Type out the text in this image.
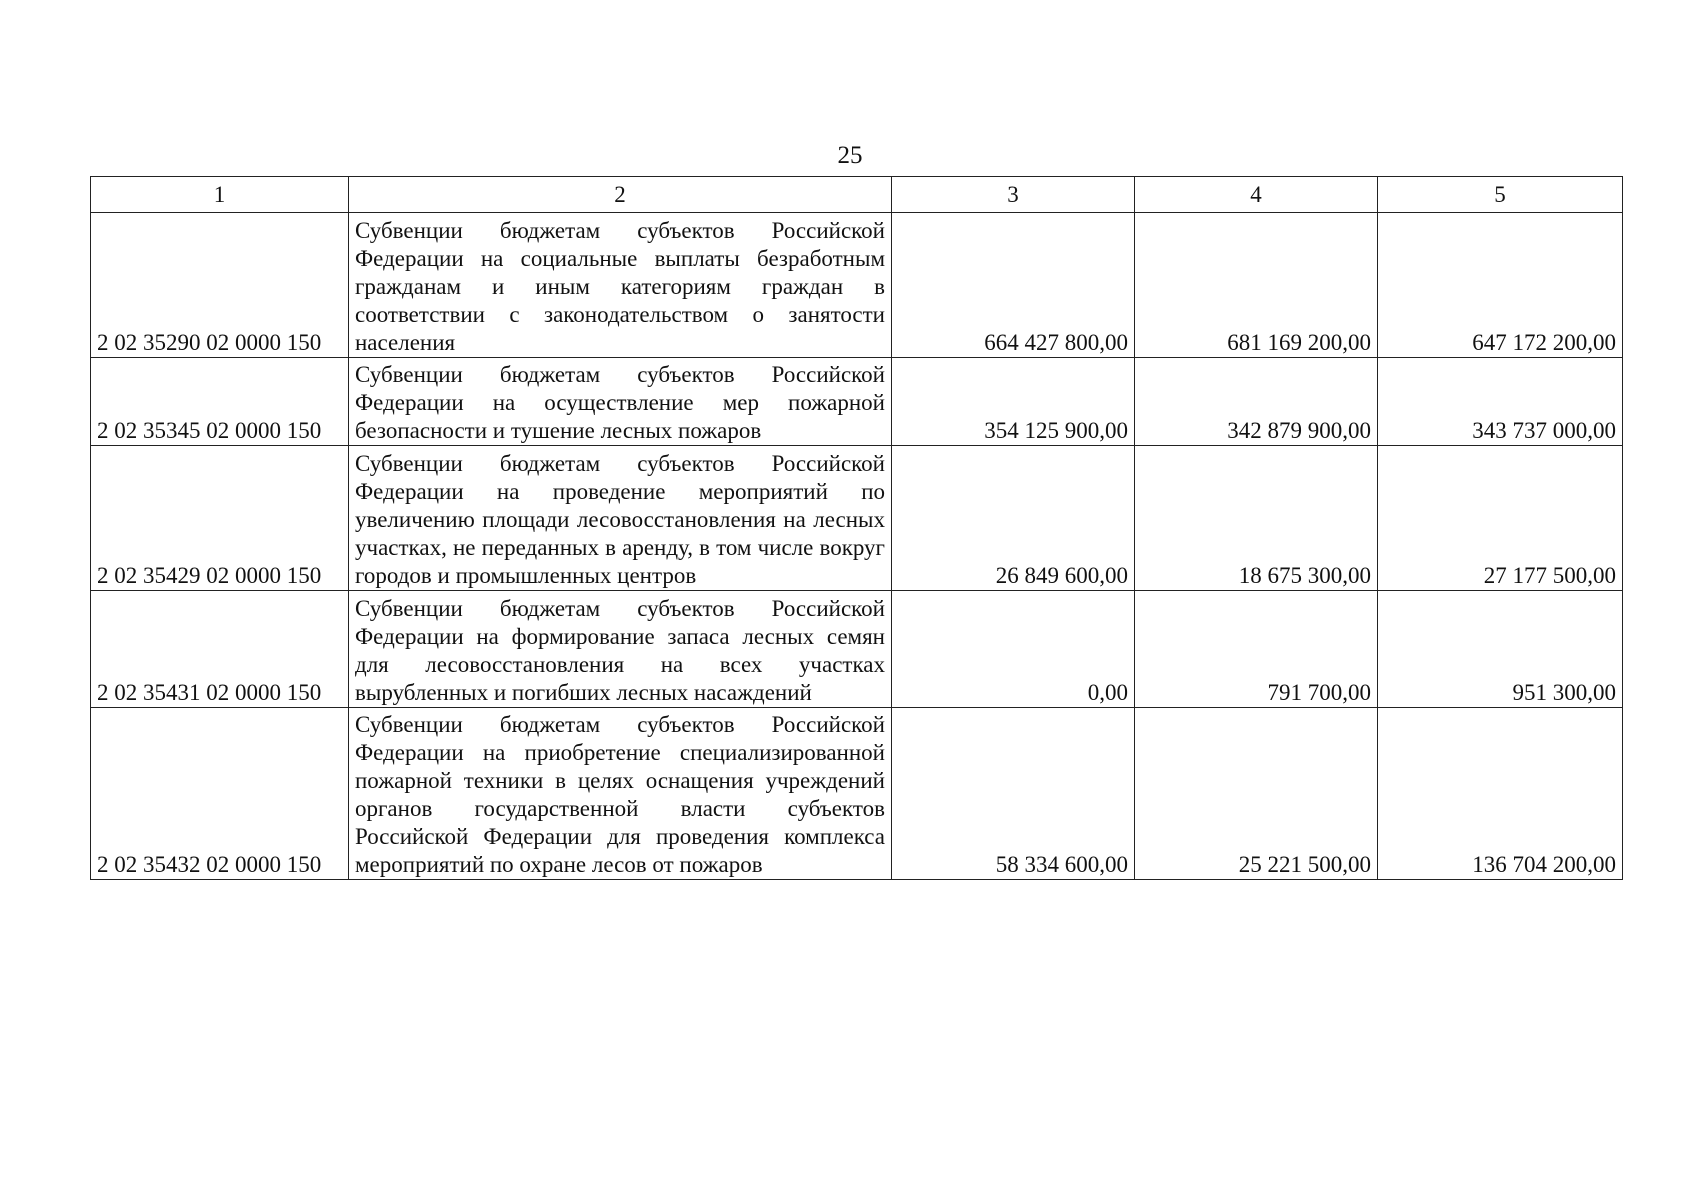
25
1	2	3	4	5
2 02 35290 02 0000 150	Субвенции бюджетам субъектов Российской Федерации на социальные выплаты безработным гражданам и иным категориям граждан в соответствии с законодательством о занятости населения	664 427 800,00	681 169 200,00	647 172 200,00
2 02 35345 02 0000 150	Субвенции бюджетам субъектов Российской Федерации на осуществление мер пожарной безопасности и тушение лесных пожаров	354 125 900,00	342 879 900,00	343 737 000,00
2 02 35429 02 0000 150	Субвенции бюджетам субъектов Российской Федерации на проведение мероприятий по увеличению площади лесовосстановления на лесных участках, не переданных в аренду, в том числе вокруг городов и промышленных центров	26 849 600,00	18 675 300,00	27 177 500,00
2 02 35431 02 0000 150	Субвенции бюджетам субъектов Российской Федерации на формирование запаса лесных семян для лесовосстановления на всех участках вырубленных и погибших лесных насаждений	0,00	791 700,00	951 300,00
2 02 35432 02 0000 150	Субвенции бюджетам субъектов Российской Федерации на приобретение специализированной пожарной техники в целях оснащения учреждений органов государственной власти субъектов Российской Федерации для проведения комплекса мероприятий по охране лесов от пожаров	58 334 600,00	25 221 500,00	136 704 200,00
